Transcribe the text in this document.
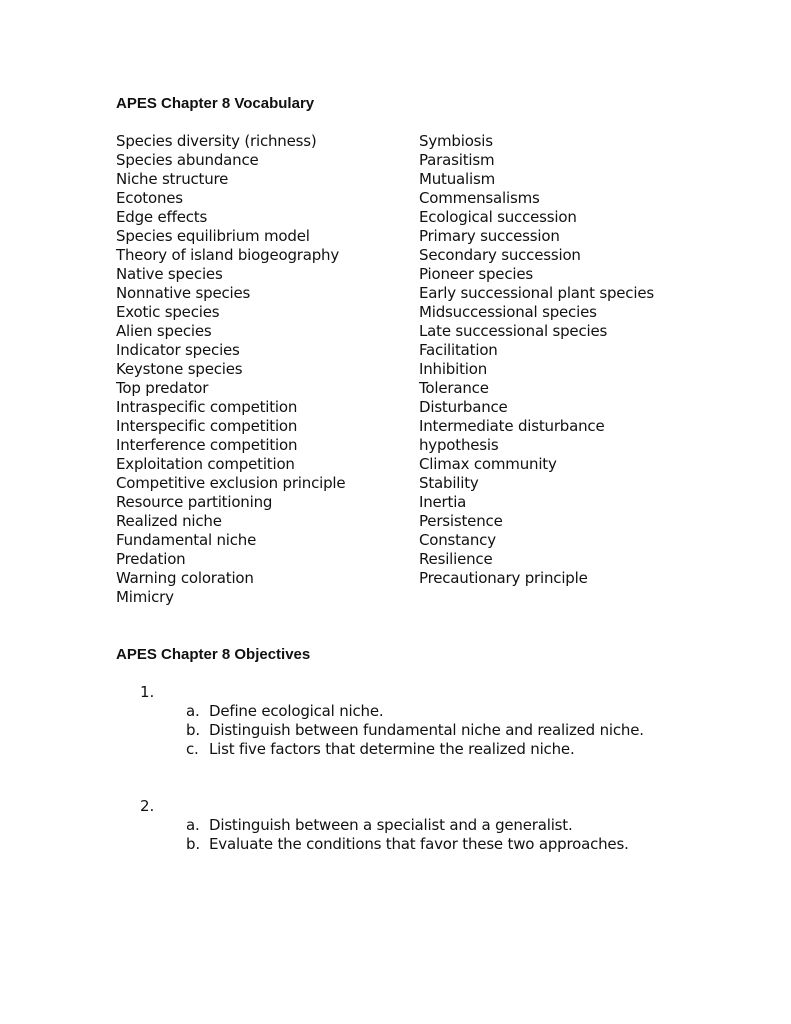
APES Chapter 8 Vocabulary
Species diversity (richness)
Species abundance
Niche structure
Ecotones
Edge effects
Species equilibrium model
Theory of island biogeography
Native species
Nonnative species
Exotic species
Alien species
Indicator species
Keystone species
Top predator
Intraspecific competition
Interspecific competition
Interference competition
Exploitation competition
Competitive exclusion principle
Resource partitioning
Realized niche
Fundamental niche
Predation
Warning coloration
Mimicry
Symbiosis
Parasitism
Mutualism
Commensalisms
Ecological succession
Primary succession
Secondary succession
Pioneer species
Early successional plant species
Midsuccessional species
Late successional species
Facilitation
Inhibition
Tolerance
Disturbance
Intermediate disturbance
hypothesis
Climax community
Stability
Inertia
Persistence
Constancy
Resilience
Precautionary principle
APES Chapter 8 Objectives
1.
a. Define ecological niche.
b. Distinguish between fundamental niche and realized niche.
c. List five factors that determine the realized niche.
2.
a. Distinguish between a specialist and a generalist.
b. Evaluate the conditions that favor these two approaches.
